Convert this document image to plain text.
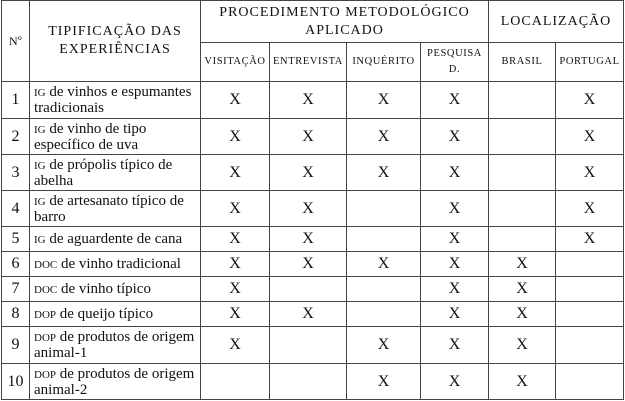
Nº	TIPIFICAÇÃO DAS EXPERIÊNCIAS	PROCEDIMENTO METODOLÓGICO APLICADO				LOCALIZAÇÃO	
		VISITAÇÃO	ENTREVISTA	INQUÉRITO	PESQUISA D.	BRASIL	PORTUGAL
1	ig de vinhos e espumantes tradicionais	X	X	X	X		X
2	ig de vinho de tipo específico de uva	X	X	X	X		X
3	ig de própolis típico de abelha	X	X	X	X		X
4	ig de artesanato típico de barro	X	X		X		X
5	ig de aguardente de cana	X	X		X		X
6	doc de vinho tradicional	X	X	X	X	X	
7	doc de vinho típico	X			X	X	
8	dop de queijo típico	X	X		X	X	
9	dop de produtos de origem animal-1	X		X	X	X	
10	dop de produtos de origem animal-2			X	X	X	
